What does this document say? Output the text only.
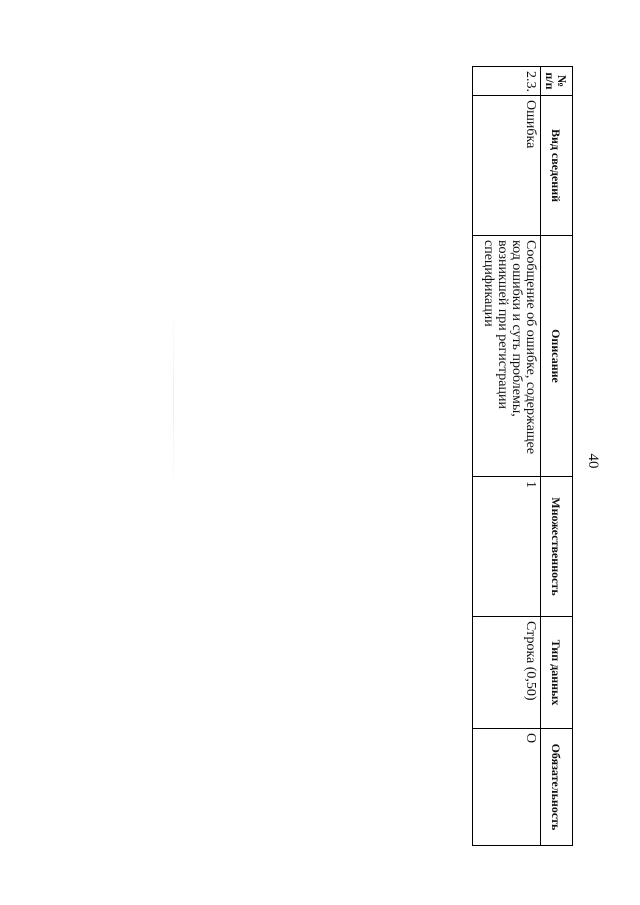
40
№ п/п	Вид сведений	Описание	Множественность	Тип данных	Обязательность
2.3.	Ошибка	Сообщение об ошибке, содержащее код ошибки и суть проблемы, возникшей при регистрации спецификации	1	Строка (0,50)	О
